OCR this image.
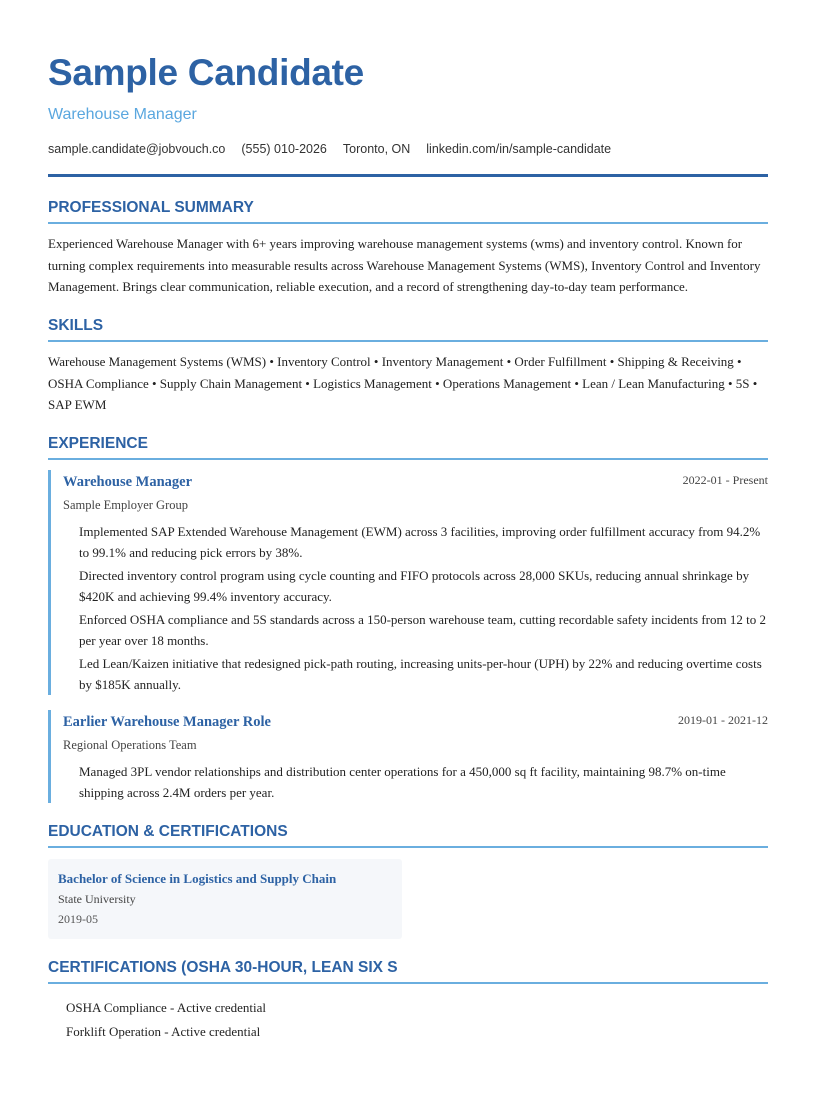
Sample Candidate
Warehouse Manager
sample.candidate@jobvouch.co (555) 010-2026 Toronto, ON linkedin.com/in/sample-candidate
PROFESSIONAL SUMMARY

Experienced Warehouse Manager with 6+ years improving warehouse management systems (wms) and inventory control. Known for turning complex requirements into measurable results across Warehouse Management Systems (WMS), Inventory Control and Inventory Management. Brings clear communication, reliable execution, and a record of strengthening day-to-day team performance.

SKILLS

Warehouse Management Systems (WMS) • Inventory Control • Inventory Management • Order Fulfillment • Shipping & Receiving • OSHA Compliance • Supply Chain Management • Logistics Management • Operations Management • Lean / Lean Manufacturing • 5S • SAP EWM

EXPERIENCE
Warehouse Manager	2022-01 - Present
Sample Employer Group
Implemented SAP Extended Warehouse Management (EWM) across 3 facilities, improving order fulfillment accuracy from 94.2% to 99.1% and reducing pick errors by 38%.
Directed inventory control program using cycle counting and FIFO protocols across 28,000 SKUs, reducing annual shrinkage by $420K and achieving 99.4% inventory accuracy.
Enforced OSHA compliance and 5S standards across a 150-person warehouse team, cutting recordable safety incidents from 12 to 2 per year over 18 months.
Led Lean/Kaizen initiative that redesigned pick-path routing, increasing units-per-hour (UPH) by 22% and reducing overtime costs by $185K annually.
Earlier Warehouse Manager Role	2019-01 - 2021-12
Regional Operations Team
Managed 3PL vendor relationships and distribution center operations for a 450,000 sq ft facility, maintaining 98.7% on-time shipping across 2.4M orders per year.
EDUCATION & CERTIFICATIONS
Bachelor of Science in Logistics and Supply Chain
State University
2019-05
CERTIFICATIONS (OSHA 30-HOUR, LEAN SIX S
OSHA Compliance - Active credential
Forklift Operation - Active credential
